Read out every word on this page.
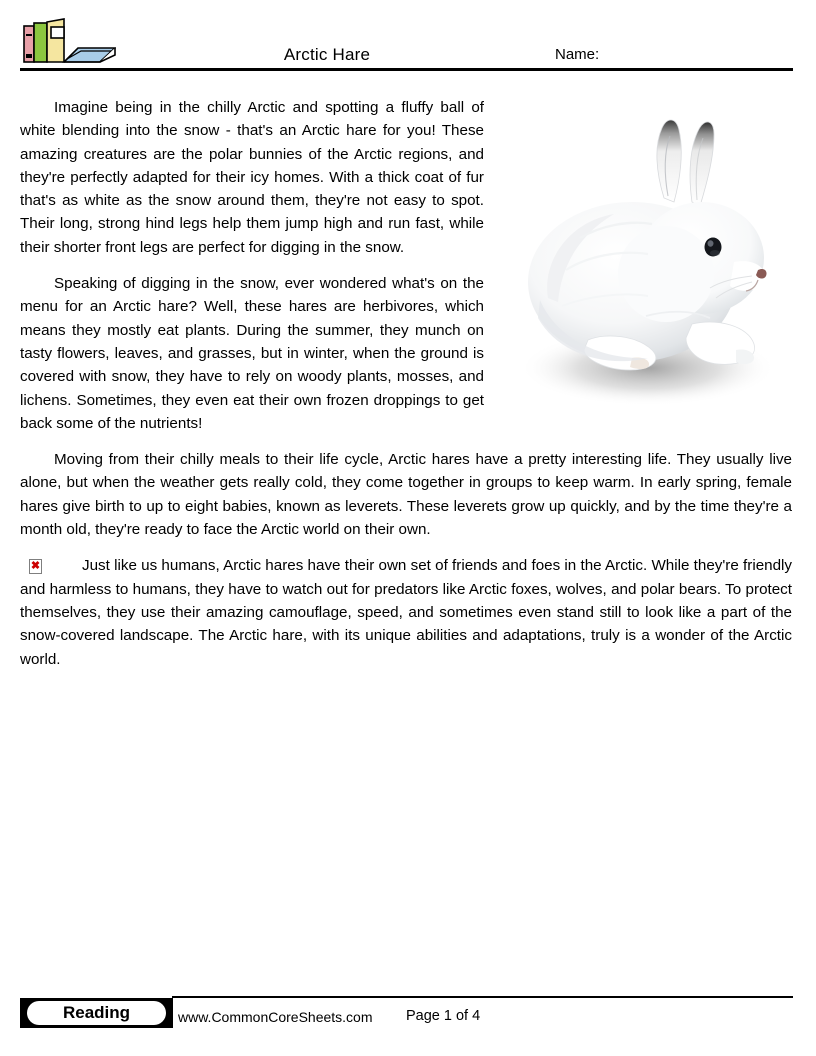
Arctic Hare	Name:

Imagine being in the chilly Arctic and spotting a fluffy ball of white blending into the snow - that's an Arctic hare for you! These amazing creatures are the polar bunnies of the Arctic regions, and they're perfectly adapted for their icy homes. With a thick coat of fur that's as white as the snow around them, they're not easy to spot. Their long, strong hind legs help them jump high and run fast, while their shorter front legs are perfect for digging in the snow.

Speaking of digging in the snow, ever wondered what's on the menu for an Arctic hare? Well, these hares are herbivores, which means they mostly eat plants. During the summer, they munch on tasty flowers, leaves, and grasses, but in winter, when the ground is covered with snow, they have to rely on woody plants, mosses, and lichens. Sometimes, they even eat their own frozen droppings to get back some of the nutrients!

Moving from their chilly meals to their life cycle, Arctic hares have a pretty interesting life. They usually live alone, but when the weather gets really cold, they come together in groups to keep warm. In early spring, female hares give birth to up to eight babies, known as leverets. These leverets grow up quickly, and by the time they're a month old, they're ready to face the Arctic world on their own.

✖	Just like us humans, Arctic hares have their own set of friends and foes in the Arctic. While they're friendly and harmless to humans, they have to watch out for predators like Arctic foxes, wolves, and polar bears. To protect themselves, they use their amazing camouflage, speed, and sometimes even stand still to look like a part of the snow-covered landscape. The Arctic hare, with its unique abilities and adaptations, truly is a wonder of the Arctic world.

Reading	www.CommonCoreSheets.com Page 1 of 4
